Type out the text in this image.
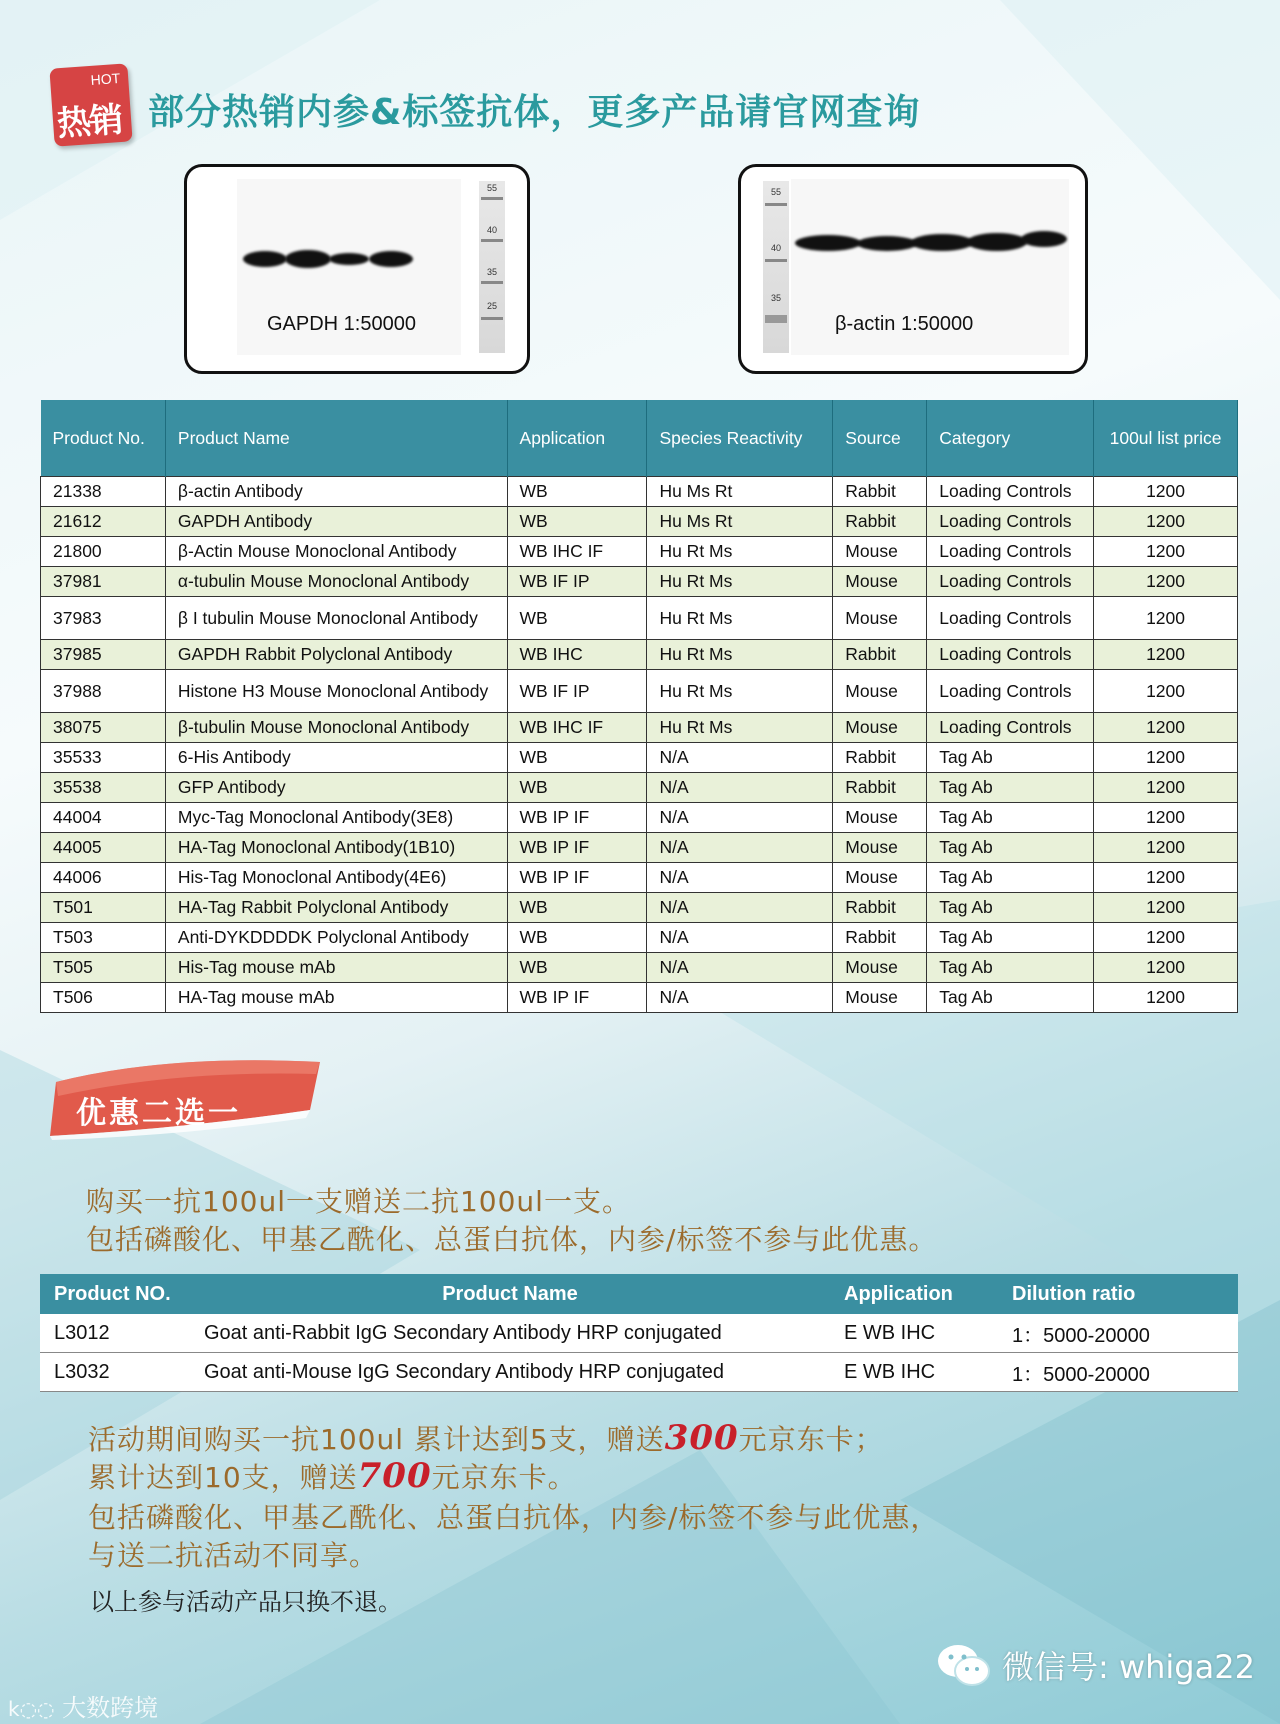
HOT
热销 部分热销内参&标签抗体，更多产品请官网查询
55
40
35
25
GAPDH 1:50000
55
40
35
β-actin 1:50000
Product No.	Product Name	Application	Species Reactivity	Source	Category	100ul list price
21338	β-actin Antibody	WB	Hu Ms Rt	Rabbit	Loading Controls	1200
21612	GAPDH Antibody	WB	Hu Ms Rt	Rabbit	Loading Controls	1200
21800	β-Actin Mouse Monoclonal Antibody	WB IHC IF	Hu Rt Ms	Mouse	Loading Controls	1200
37981	α-tubulin Mouse Monoclonal Antibody	WB IF IP	Hu Rt Ms	Mouse	Loading Controls	1200
37983	β I tubulin Mouse Monoclonal Antibody	WB	Hu Rt Ms	Mouse	Loading Controls	1200
37985	GAPDH Rabbit Polyclonal Antibody	WB IHC	Hu Rt Ms	Rabbit	Loading Controls	1200
37988	Histone H3 Mouse Monoclonal Antibody	WB IF IP	Hu Rt Ms	Mouse	Loading Controls	1200
38075	β-tubulin Mouse Monoclonal Antibody	WB IHC IF	Hu Rt Ms	Mouse	Loading Controls	1200
35533	6-His Antibody	WB	N/A	Rabbit	Tag Ab	1200
35538	GFP Antibody	WB	N/A	Rabbit	Tag Ab	1200
44004	Myc-Tag Monoclonal Antibody(3E8)	WB IP IF	N/A	Mouse	Tag Ab	1200
44005	HA-Tag Monoclonal Antibody(1B10)	WB IP IF	N/A	Mouse	Tag Ab	1200
44006	His-Tag Monoclonal Antibody(4E6)	WB IP IF	N/A	Mouse	Tag Ab	1200
T501	HA-Tag Rabbit Polyclonal Antibody	WB	N/A	Rabbit	Tag Ab	1200
T503	Anti-DYKDDDDK Polyclonal Antibody	WB	N/A	Rabbit	Tag Ab	1200
T505	His-Tag mouse mAb	WB	N/A	Mouse	Tag Ab	1200
T506	HA-Tag mouse mAb	WB IP IF	N/A	Mouse	Tag Ab	1200
优惠二选一
购买一抗100ul一支赠送二抗100ul一支。
包括磷酸化、甲基乙酰化、总蛋白抗体，内参/标签不参与此优惠。
Product NO.	Product Name	Application	Dilution ratio
L3012	Goat anti-Rabbit IgG Secondary Antibody HRP conjugated	E WB IHC	1：5000-20000
L3032	Goat anti-Mouse IgG Secondary Antibody HRP conjugated	E WB IHC	1：5000-20000
活动期间购买一抗100ul 累计达到5支，赠送300元京东卡；
累计达到10支，赠送700元京东卡。
包括磷酸化、甲基乙酰化、总蛋白抗体，内参/标签不参与此优惠，
与送二抗活动不同享。
以上参与活动产品只换不退。
微信号: whiga22
k◌◌ 大数跨境
